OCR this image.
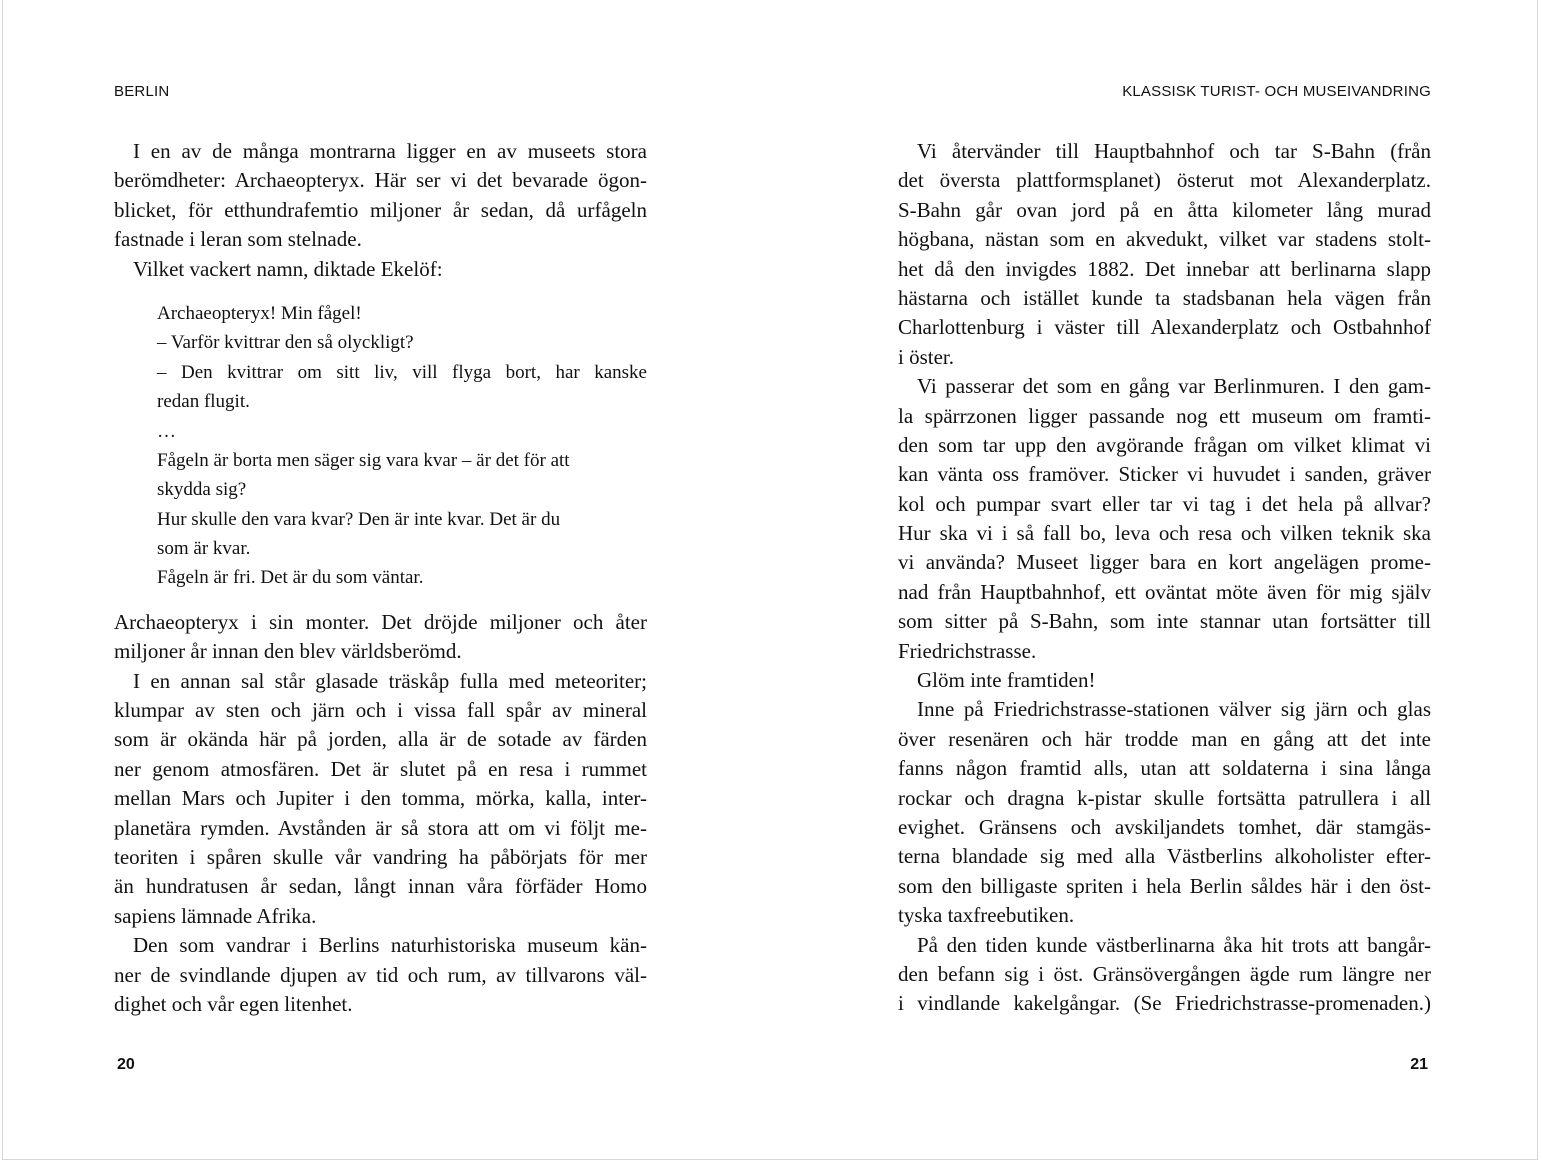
BERLIN
I en av de många montrarna ligger en av museets stora
berömdheter: Archaeopteryx. Här ser vi det bevarade ögon-
blicket, för etthundrafemtio miljoner år sedan, då urfågeln
fastnade i leran som stelnade.
Vilket vackert namn, diktade Ekelöf:
Archaeopteryx! Min fågel!
– Varför kvittrar den så olyckligt?
– Den kvittrar om sitt liv, vill flyga bort, har kanske
redan flugit.
…
Fågeln är borta men säger sig vara kvar – är det för att
skydda sig?
Hur skulle den vara kvar? Den är inte kvar. Det är du
som är kvar.
Fågeln är fri. Det är du som väntar.
Archaeopteryx i sin monter. Det dröjde miljoner och åter
miljoner år innan den blev världsberömd.
I en annan sal står glasade träskåp fulla med meteoriter;
klumpar av sten och järn och i vissa fall spår av mineral
som är okända här på jorden, alla är de sotade av färden
ner genom atmosfären. Det är slutet på en resa i rummet
mellan Mars och Jupiter i den tomma, mörka, kalla, inter-
planetära rymden. Avstånden är så stora att om vi följt me-
teoriten i spåren skulle vår vandring ha påbörjats för mer
än hundratusen år sedan, långt innan våra förfäder Homo
sapiens lämnade Afrika.
Den som vandrar i Berlins naturhistoriska museum kän-
ner de svindlande djupen av tid och rum, av tillvarons väl-
dighet och vår egen litenhet.
20
KLASSISK TURIST- OCH MUSEIVANDRING
Vi återvänder till Hauptbahnhof och tar S-Bahn (från
det översta plattformsplanet) österut mot Alexanderplatz.
S-Bahn går ovan jord på en åtta kilometer lång murad
högbana, nästan som en akvedukt, vilket var stadens stolt-
het då den invigdes 1882. Det innebar att berlinarna slapp
hästarna och istället kunde ta stadsbanan hela vägen från
Charlottenburg i väster till Alexanderplatz och Ostbahnhof
i öster.
Vi passerar det som en gång var Berlinmuren. I den gam-
la spärrzonen ligger passande nog ett museum om framti-
den som tar upp den avgörande frågan om vilket klimat vi
kan vänta oss framöver. Sticker vi huvudet i sanden, gräver
kol och pumpar svart eller tar vi tag i det hela på allvar?
Hur ska vi i så fall bo, leva och resa och vilken teknik ska
vi använda? Museet ligger bara en kort angelägen prome-
nad från Hauptbahnhof, ett oväntat möte även för mig själv
som sitter på S-Bahn, som inte stannar utan fortsätter till
Friedrichstrasse.
Glöm inte framtiden!
Inne på Friedrichstrasse-stationen välver sig järn och glas
över resenären och här trodde man en gång att det inte
fanns någon framtid alls, utan att soldaterna i sina långa
rockar och dragna k-pistar skulle fortsätta patrullera i all
evighet. Gränsens och avskiljandets tomhet, där stamgäs-
terna blandade sig med alla Västberlins alkoholister efter-
som den billigaste spriten i hela Berlin såldes här i den öst-
tyska taxfreebutiken.
På den tiden kunde västberlinarna åka hit trots att bangår-
den befann sig i öst. Gränsövergången ägde rum längre ner
i vindlande kakelgångar. (Se Friedrichstrasse-promenaden.)
21
